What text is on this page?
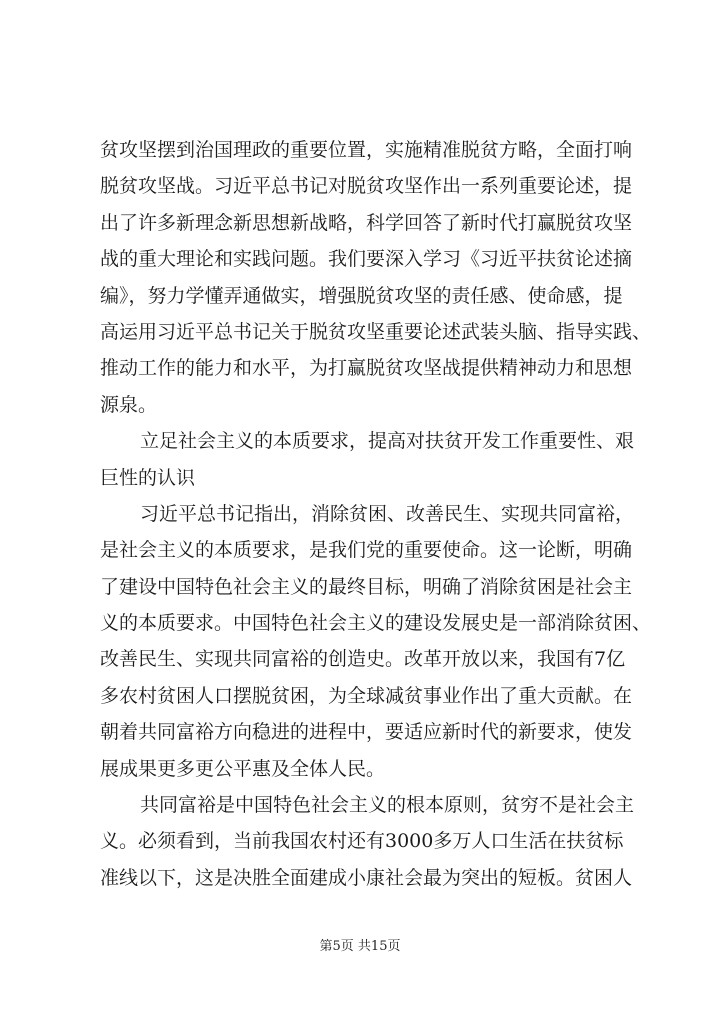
贫攻坚摆到治国理政的重要位置，实施精准脱贫方略，全面打响
脱贫攻坚战。习近平总书记对脱贫攻坚作出一系列重要论述，提
出了许多新理念新思想新战略，科学回答了新时代打赢脱贫攻坚
战的重大理论和实践问题。我们要深入学习《习近平扶贫论述摘
编》，努力学懂弄通做实，增强脱贫攻坚的责任感、使命感，提
高运用习近平总书记关于脱贫攻坚重要论述武装头脑、指导实践、
推动工作的能力和水平，为打赢脱贫攻坚战提供精神动力和思想
源泉。
立足社会主义的本质要求，提高对扶贫开发工作重要性、艰
巨性的认识
习近平总书记指出，消除贫困、改善民生、实现共同富裕，
是社会主义的本质要求，是我们党的重要使命。这一论断，明确
了建设中国特色社会主义的最终目标，明确了消除贫困是社会主
义的本质要求。中国特色社会主义的建设发展史是一部消除贫困、
改善民生、实现共同富裕的创造史。改革开放以来，我国有7亿
多农村贫困人口摆脱贫困，为全球减贫事业作出了重大贡献。在
朝着共同富裕方向稳进的进程中，要适应新时代的新要求，使发
展成果更多更公平惠及全体人民。
共同富裕是中国特色社会主义的根本原则，贫穷不是社会主
义。必须看到，当前我国农村还有3000多万人口生活在扶贫标
准线以下，这是决胜全面建成小康社会最为突出的短板。贫困人
第5页 共15页
